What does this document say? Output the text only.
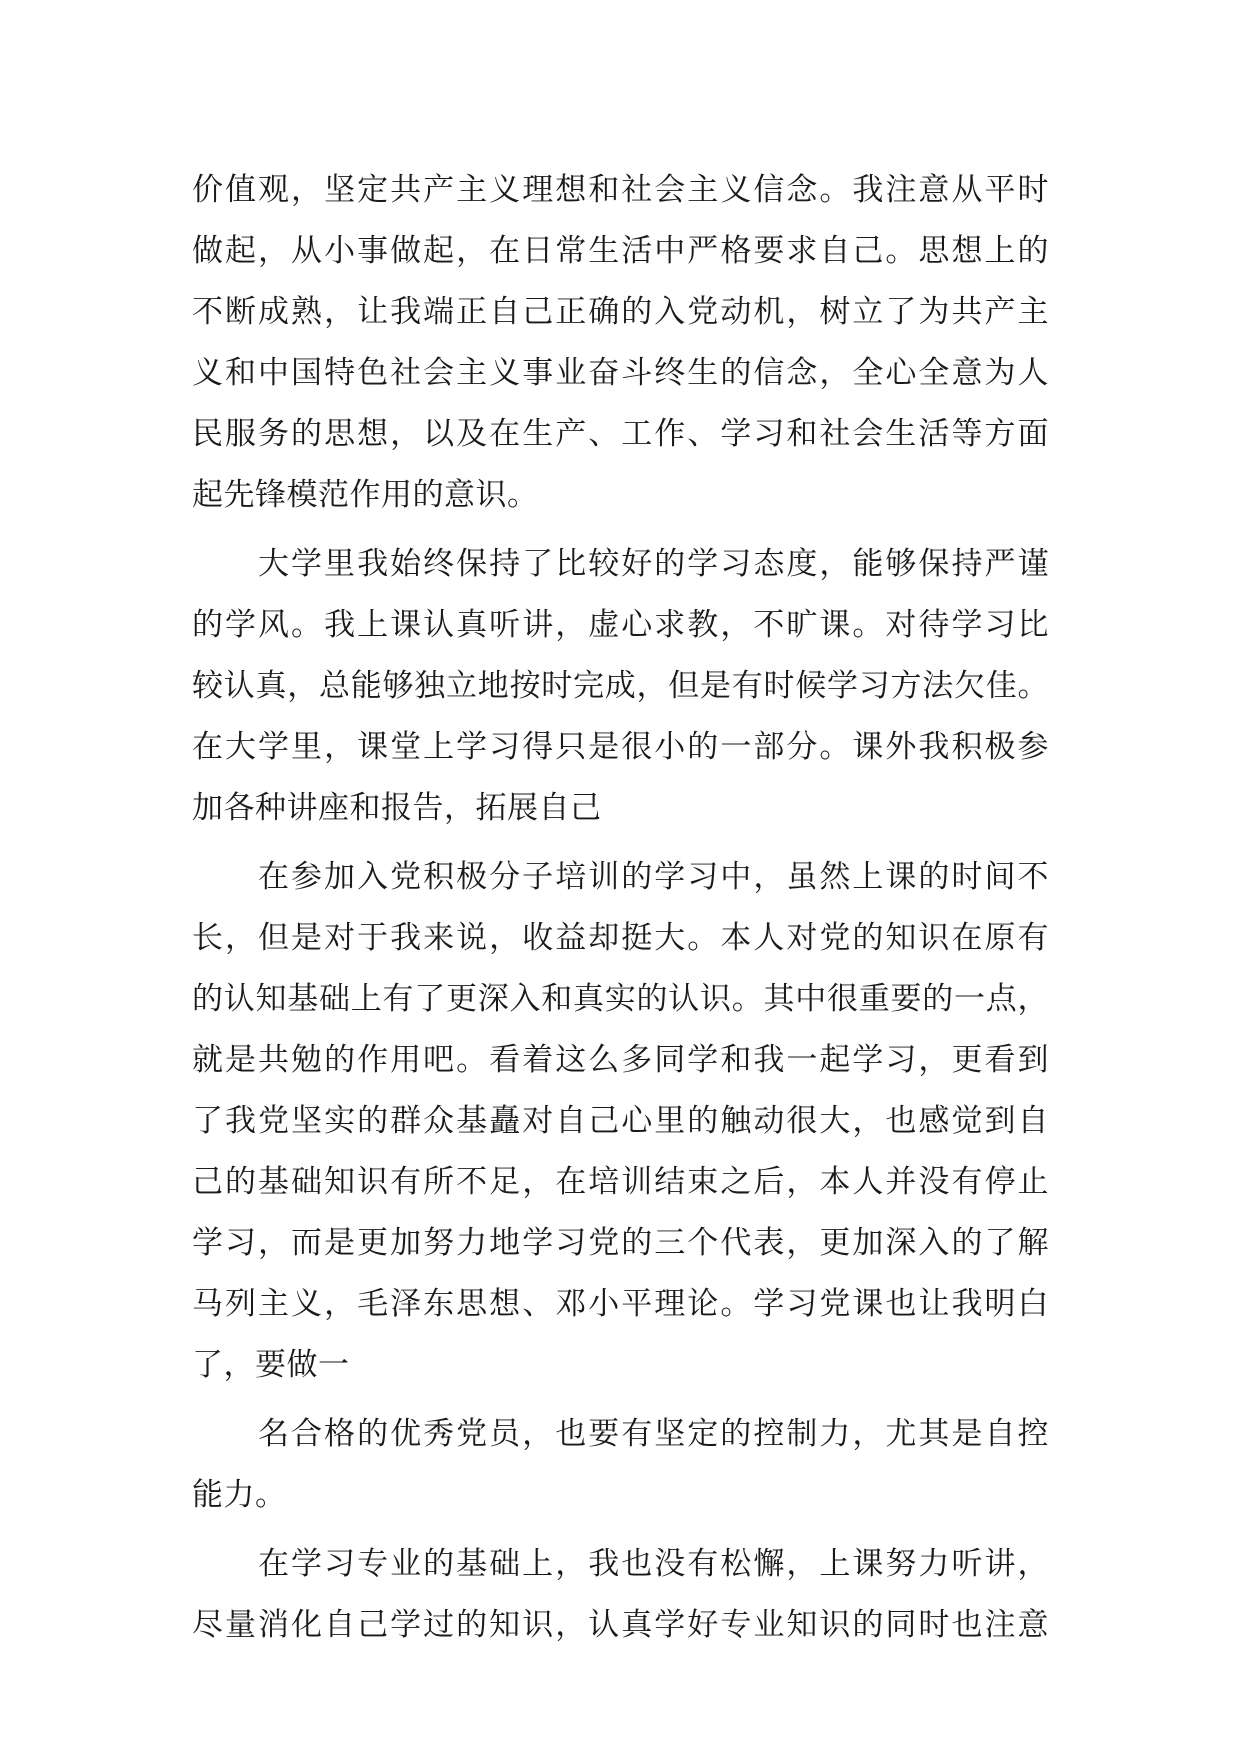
价值观，坚定共产主义理想和社会主义信念。我注意从平时
做起，从小事做起，在日常生活中严格要求自己。思想上的
不断成熟，让我端正自己正确的入党动机，树立了为共产主
义和中国特色社会主义事业奋斗终生的信念，全心全意为人
民服务的思想，以及在生产、工作、学习和社会生活等方面
起先锋模范作用的意识。
大学里我始终保持了比较好的学习态度，能够保持严谨
的学风。我上课认真听讲，虚心求教，不旷课。对待学习比
较认真，总能够独立地按时完成，但是有时候学习方法欠佳。
在大学里，课堂上学习得只是很小的一部分。课外我积极参
加各种讲座和报告，拓展自己
在参加入党积极分子培训的学习中，虽然上课的时间不
长，但是对于我来说，收益却挺大。本人对党的知识在原有
的认知基础上有了更深入和真实的认识。其中很重要的一点，
就是共勉的作用吧。看着这么多同学和我一起学习，更看到
了我党坚实的群众基矗对自己心里的触动很大，也感觉到自
己的基础知识有所不足，在培训结束之后，本人并没有停止
学习，而是更加努力地学习党的三个代表，更加深入的了解
马列主义，毛泽东思想、邓小平理论。学习党课也让我明白
了，要做一
名合格的优秀党员，也要有坚定的控制力，尤其是自控
能力。
在学习专业的基础上，我也没有松懈，上课努力听讲，
尽量消化自己学过的知识，认真学好专业知识的同时也注意
